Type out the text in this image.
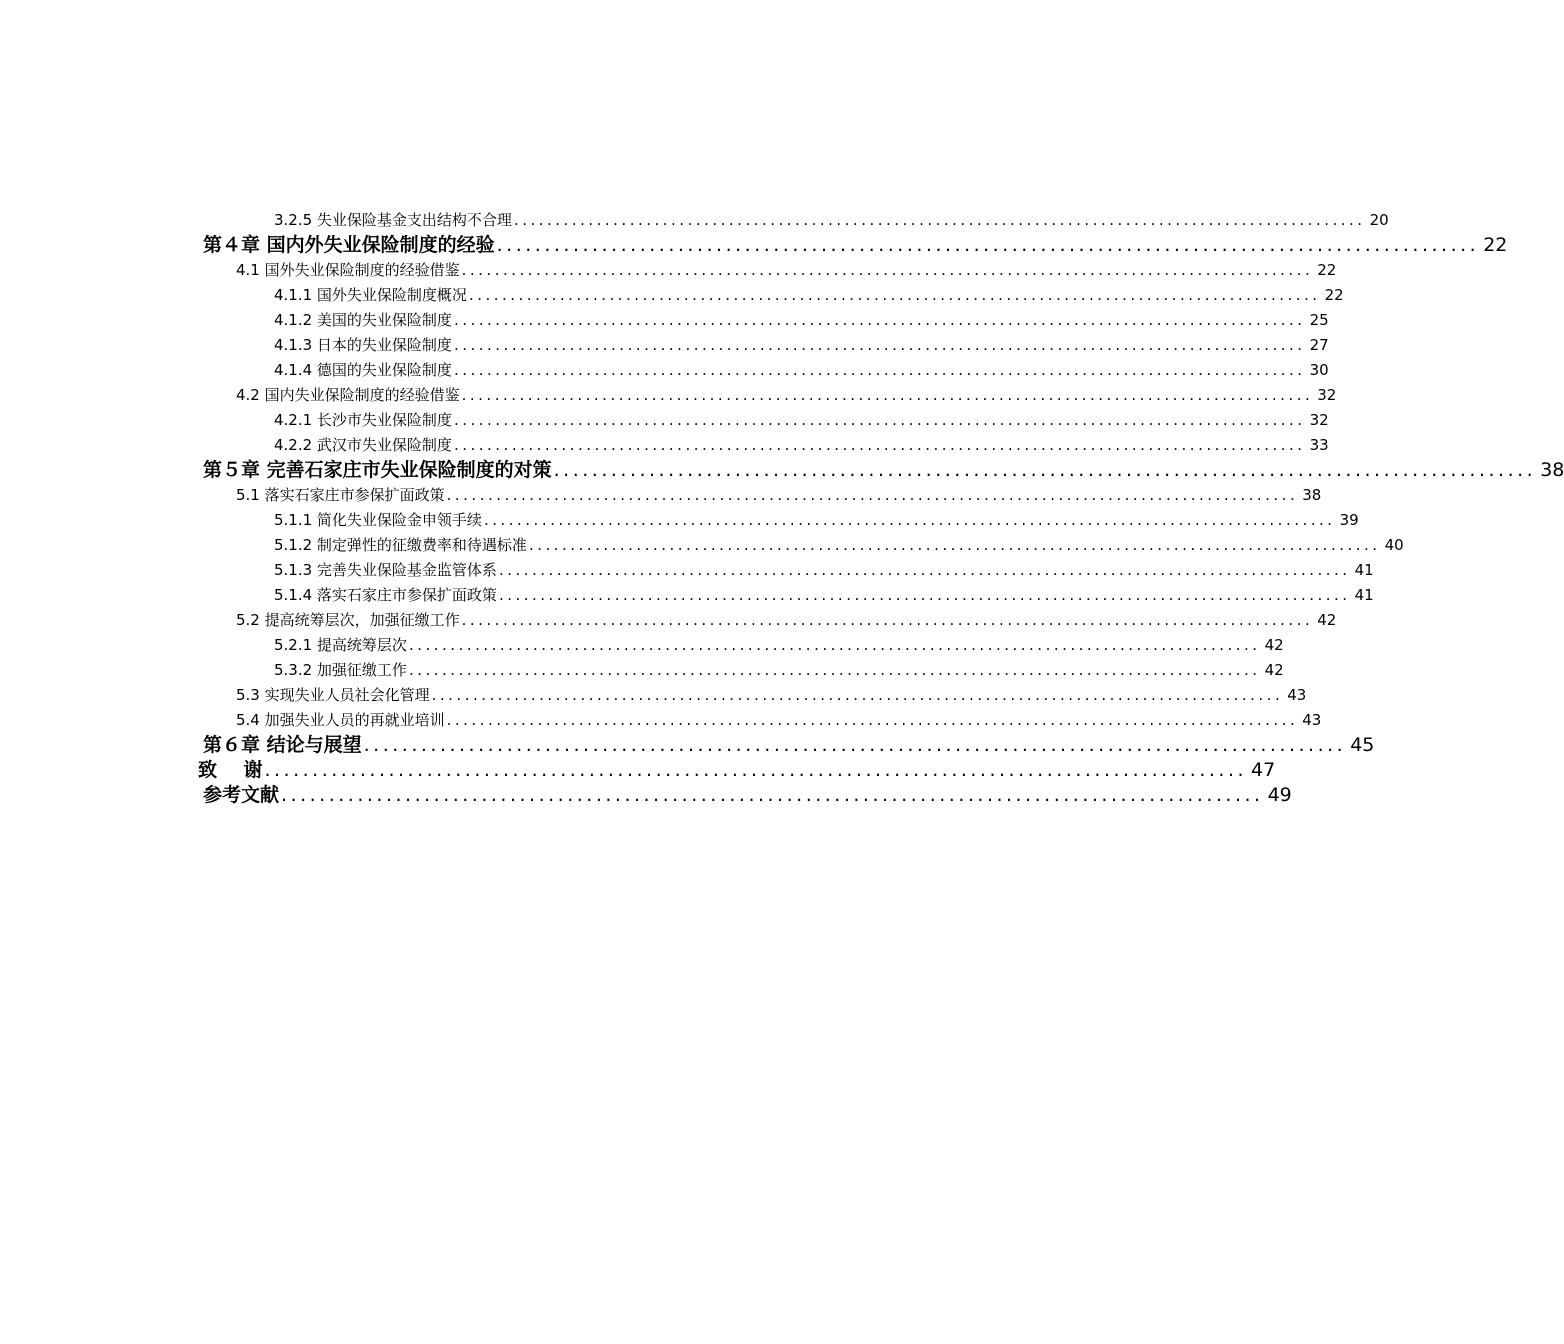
3.2.5 失业保险基金支出结构不合理 ....................................................................................................... 20
第４章 国内外失业保险制度的经验 ....................................................................................................... 22
4.1 国外失业保险制度的经验借鉴 ....................................................................................................... 22
4.1.1 国外失业保险制度概况 ....................................................................................................... 22
4.1.2 美国的失业保险制度 ....................................................................................................... 25
4.1.3 日本的失业保险制度 ....................................................................................................... 27
4.1.4 德国的失业保险制度 ....................................................................................................... 30
4.2 国内失业保险制度的经验借鉴 ....................................................................................................... 32
4.2.1 长沙市失业保险制度 ....................................................................................................... 32
4.2.2 武汉市失业保险制度 ....................................................................................................... 33
第５章 完善石家庄市失业保险制度的对策 ....................................................................................................... 38
5.1 落实石家庄市参保扩面政策 ....................................................................................................... 38
5.1.1 简化失业保险金申领手续 ....................................................................................................... 39
5.1.2 制定弹性的征缴费率和待遇标准 ....................................................................................................... 40
5.1.3 完善失业保险基金监管体系 ....................................................................................................... 41
5.1.4 落实石家庄市参保扩面政策 ....................................................................................................... 41
5.2 提高统筹层次，加强征缴工作 ....................................................................................................... 42
5.2.1 提高统筹层次 ....................................................................................................... 42
5.3.2 加强征缴工作 ....................................................................................................... 42
5.3 实现失业人员社会化管理 ....................................................................................................... 43
5.4 加强失业人员的再就业培训 ....................................................................................................... 43
第６章 结论与展望 ....................................................................................................... 45
致    谢 ....................................................................................................... 47
参考文献 ....................................................................................................... 49
